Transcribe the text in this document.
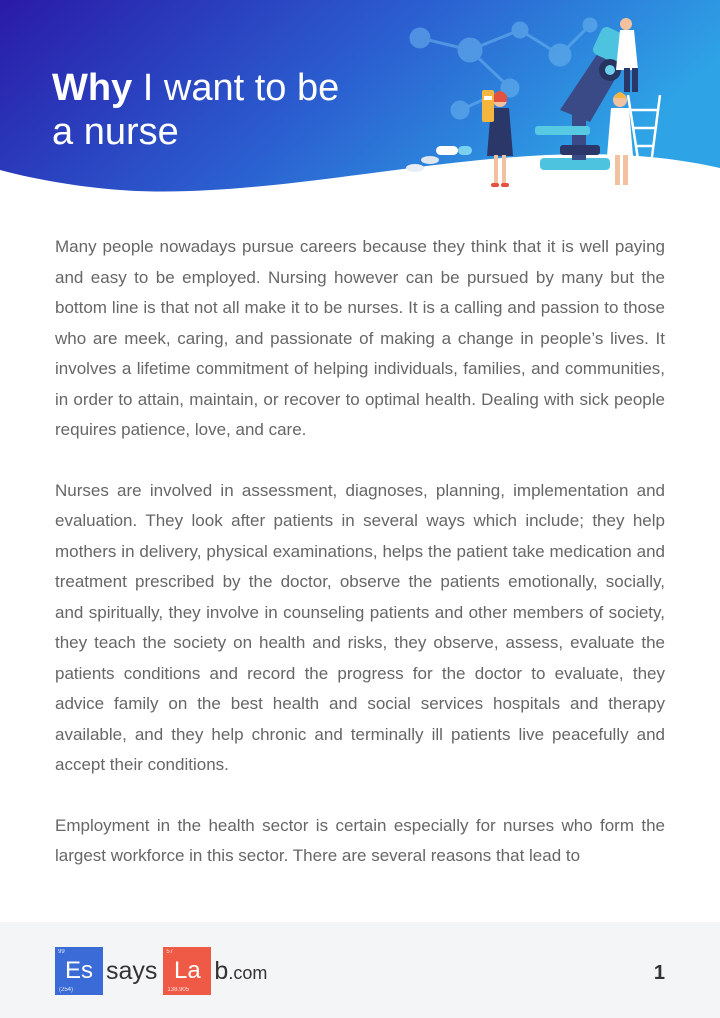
Why I want to be
a nurse

Many people nowadays pursue careers because they think that it is well paying and easy to be employed. Nursing however can be pursued by many but the bottom line is that not all make it to be nurses. It is a calling and passion to those who are meek, caring, and passionate of making a change in people’s lives. It involves a lifetime commitment of helping individuals, families, and communities, in order to attain, maintain, or recover to optimal health. Dealing with sick people requires patience, love, and care.

Nurses are involved in assessment, diagnoses, planning, implementation and evaluation. They look after patients in several ways which include; they help mothers in delivery, physical examinations, helps the patient take medication and treatment prescribed by the doctor, observe the patients emotionally, socially, and spiritually, they involve in counseling patients and other members of society, they teach the society on health and risks, they observe, assess, evaluate the patients conditions and record the progress for the doctor to evaluate, they advice family on the best health and social services hospitals and therapy available, and they help chronic and terminally ill patients live peacefully and accept their conditions.

Employment in the health sector is certain especially for nurses who form the largest workforce in this sector. There are several reasons that lead to

99
Es
(254)
says
57
La
138.905
b.com	1
